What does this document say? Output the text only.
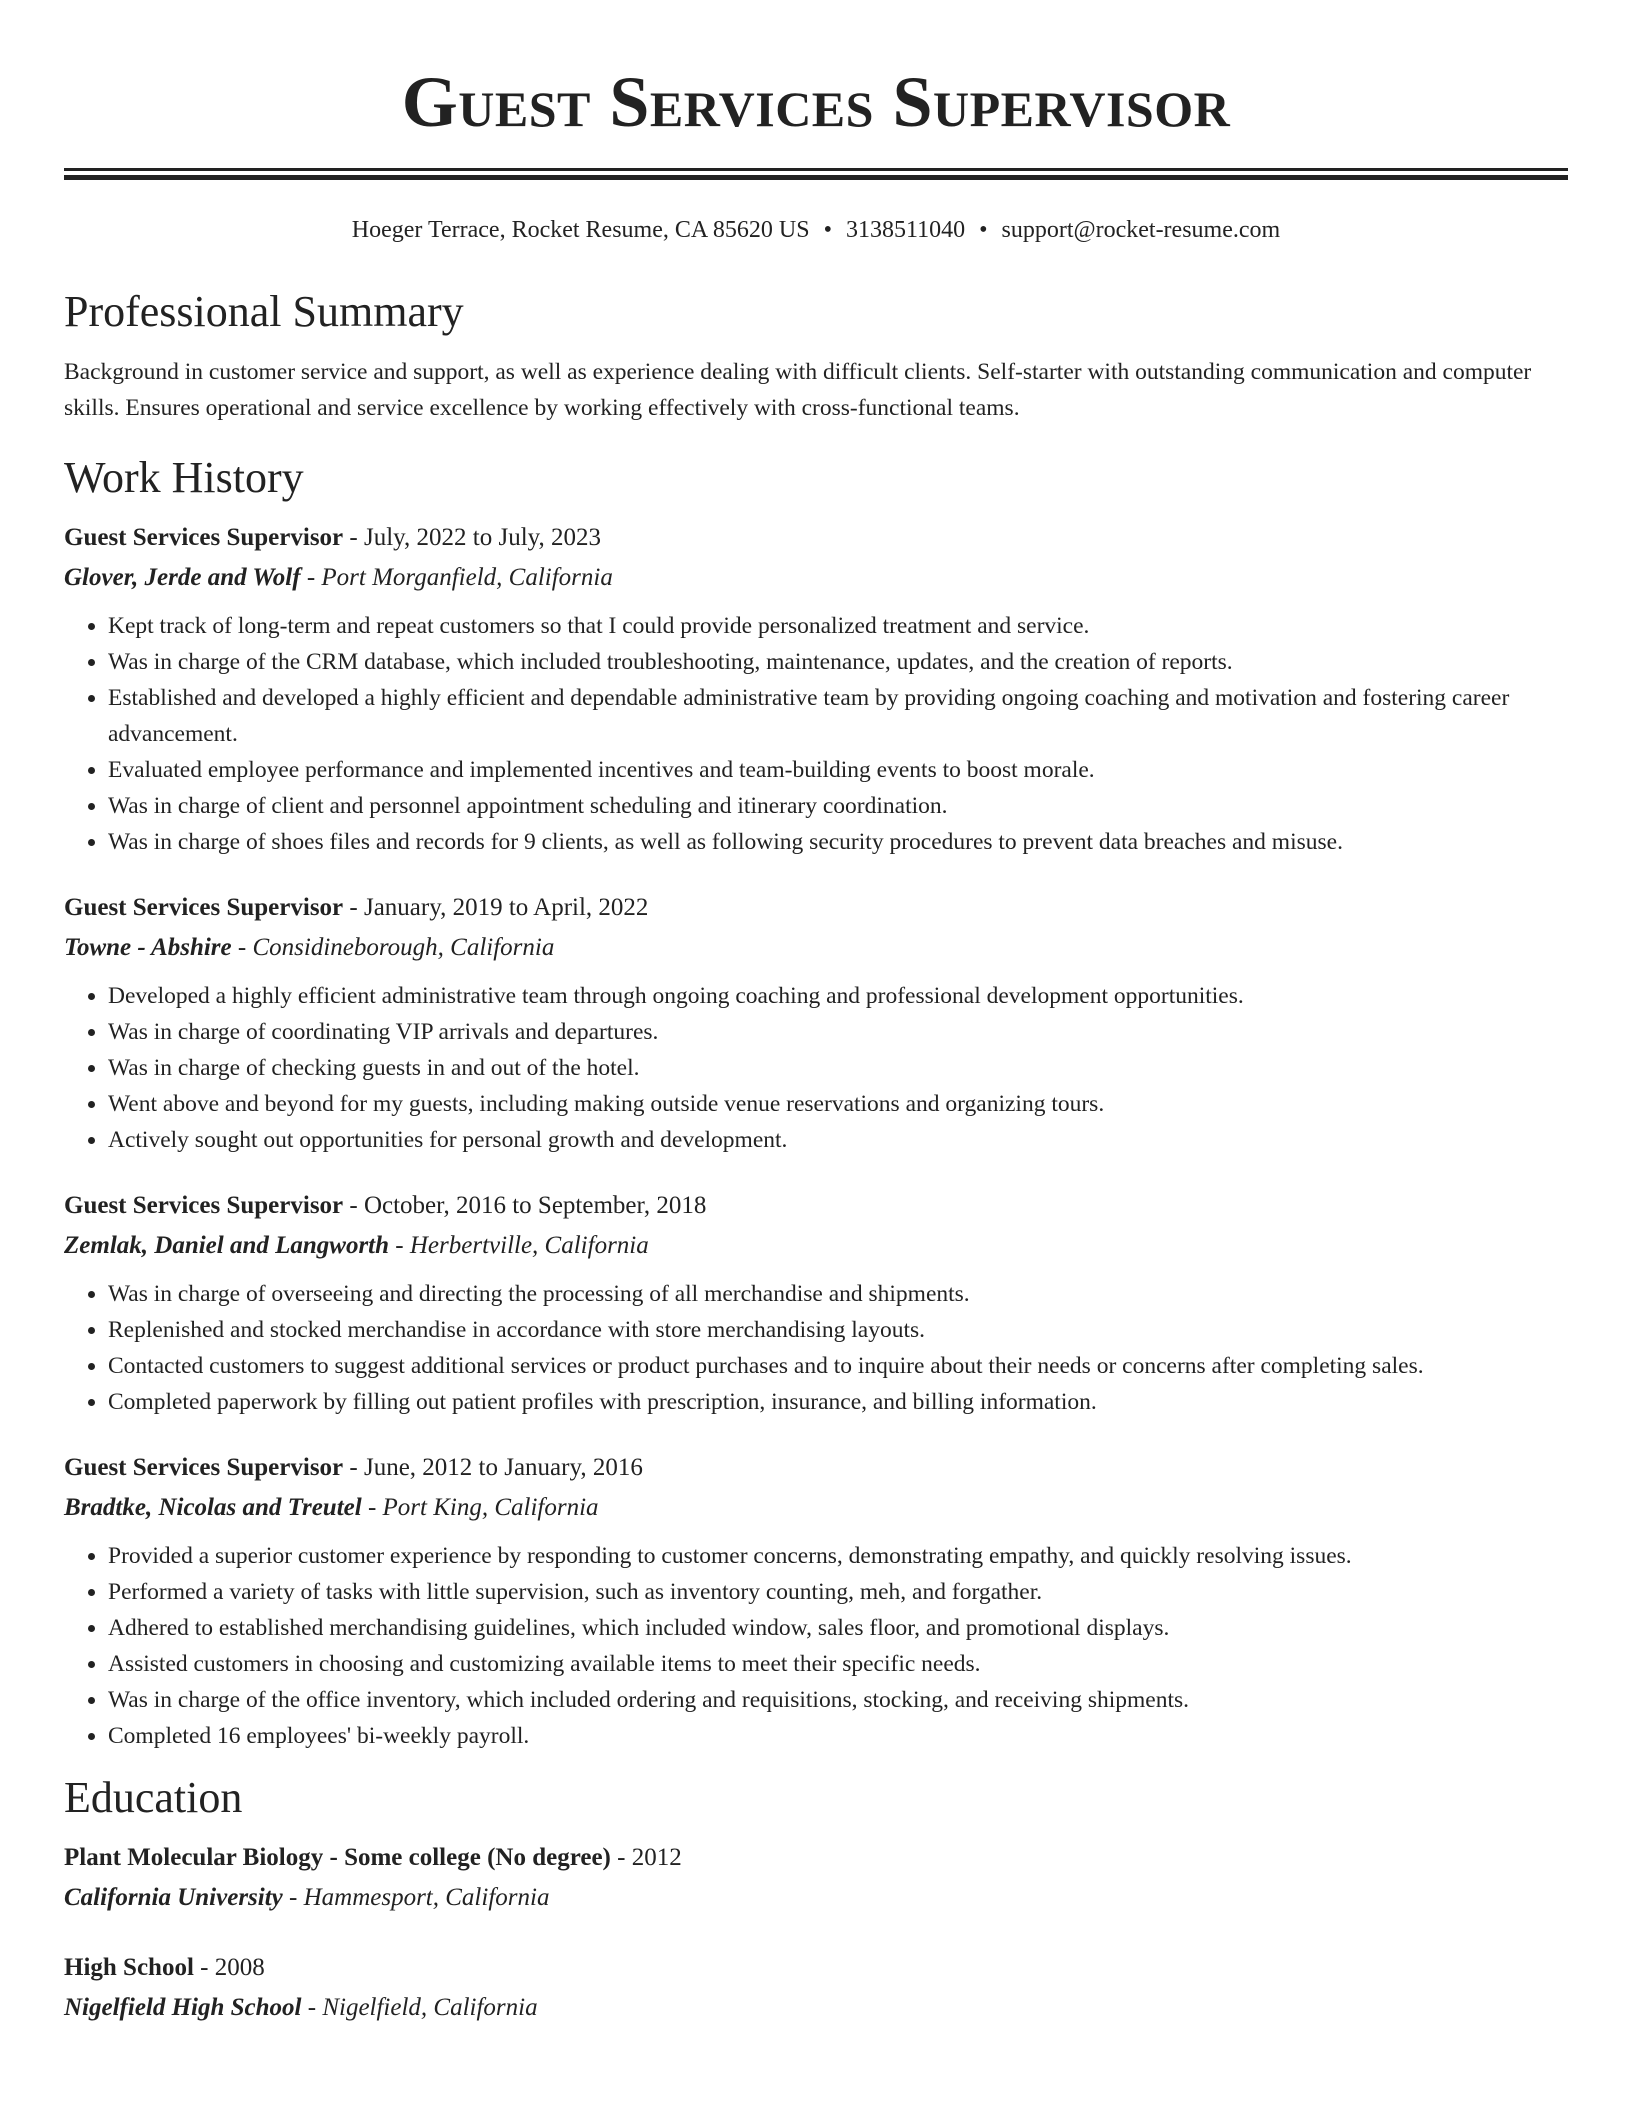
Guest Services Supervisor
Hoeger Terrace, Rocket Resume, CA 85620 US • 3138511040 • support@rocket-resume.com
Professional Summary

Background in customer service and support, as well as experience dealing with difficult clients. Self-starter with outstanding communication and computer skills. Ensures operational and service excellence by working effectively with cross-functional teams.

Work History

Guest Services Supervisor - July, 2022 to July, 2023

Glover, Jerde and Wolf - Port Morganfield, California

• Kept track of long-term and repeat customers so that I could provide personalized treatment and service.
• Was in charge of the CRM database, which included troubleshooting, maintenance, updates, and the creation of reports.
• Established and developed a highly efficient and dependable administrative team by providing ongoing coaching and motivation and fostering career advancement.
• Evaluated employee performance and implemented incentives and team-building events to boost morale.
• Was in charge of client and personnel appointment scheduling and itinerary coordination.
• Was in charge of shoes files and records for 9 clients, as well as following security procedures to prevent data breaches and misuse.

Guest Services Supervisor - January, 2019 to April, 2022

Towne - Abshire - Considineborough, California

• Developed a highly efficient administrative team through ongoing coaching and professional development opportunities.
• Was in charge of coordinating VIP arrivals and departures.
• Was in charge of checking guests in and out of the hotel.
• Went above and beyond for my guests, including making outside venue reservations and organizing tours.
• Actively sought out opportunities for personal growth and development.

Guest Services Supervisor - October, 2016 to September, 2018

Zemlak, Daniel and Langworth - Herbertville, California

• Was in charge of overseeing and directing the processing of all merchandise and shipments.
• Replenished and stocked merchandise in accordance with store merchandising layouts.
• Contacted customers to suggest additional services or product purchases and to inquire about their needs or concerns after completing sales.
• Completed paperwork by filling out patient profiles with prescription, insurance, and billing information.

Guest Services Supervisor - June, 2012 to January, 2016

Bradtke, Nicolas and Treutel - Port King, California

• Provided a superior customer experience by responding to customer concerns, demonstrating empathy, and quickly resolving issues.
• Performed a variety of tasks with little supervision, such as inventory counting, meh, and forgather.
• Adhered to established merchandising guidelines, which included window, sales floor, and promotional displays.
• Assisted customers in choosing and customizing available items to meet their specific needs.
• Was in charge of the office inventory, which included ordering and requisitions, stocking, and receiving shipments.
• Completed 16 employees' bi-weekly payroll.
Education

Plant Molecular Biology - Some college (No degree) - 2012

California University - Hammesport, California

High School - 2008

Nigelfield High School - Nigelfield, California
